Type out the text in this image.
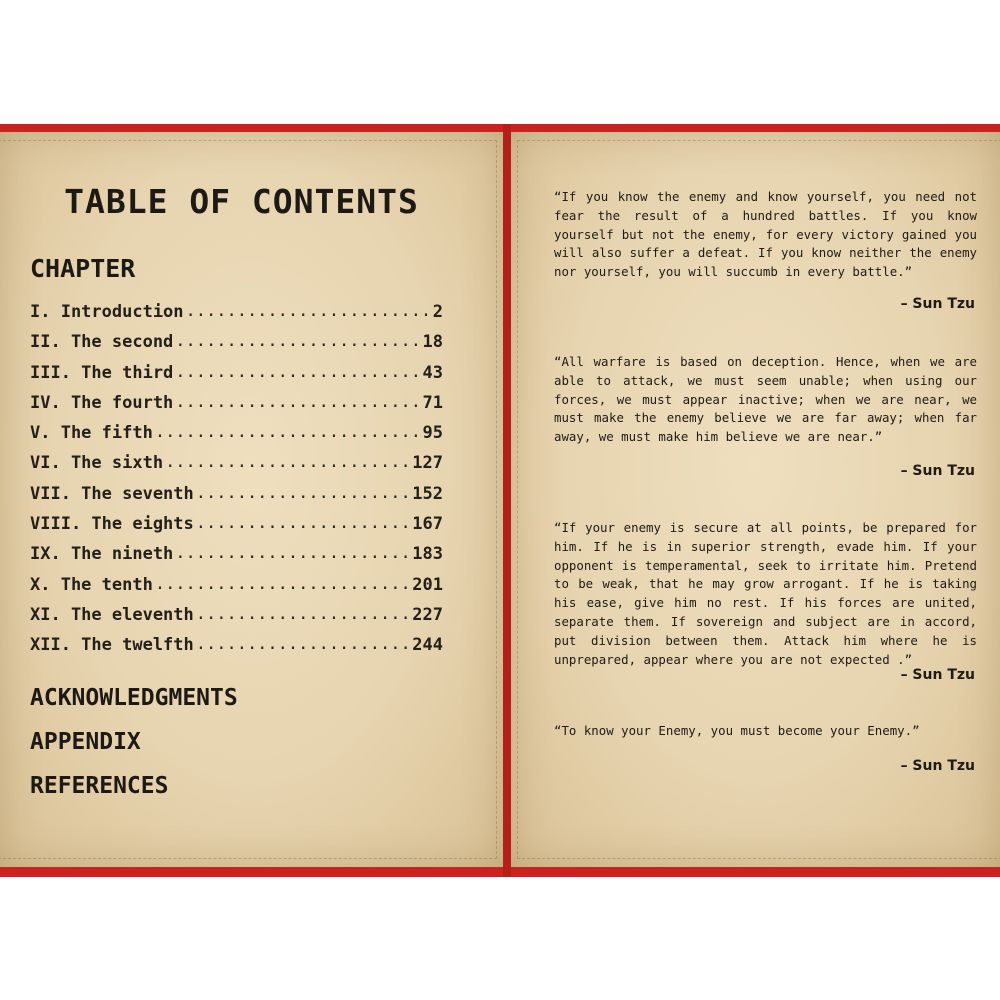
TABLE OF CONTENTS
CHAPTER
I. Introduction .....	2
II. The second .....	18
III. The third .....	43
IV. The fourth .....	71
V. The fifth .....	95
VI. The sixth .....	127
VII. The seventh .....	152
VIII. The eights .....	167
IX. The nineth .....	183
X. The tenth .....	201
XI. The eleventh .....	227
XII. The twelfth .....	244
ACKNOWLEDGMENTS
APPENDIX
REFERENCES

“If you know the enemy and know yourself, you need not fear the result of a hundred battles. If you know yourself but not the enemy, for every victory gained you will also suffer a defeat. If you know neither the enemy nor yourself, you will succumb in every battle.”

– Sun Tzu

“All warfare is based on deception. Hence, when we are able to attack, we must seem unable; when using our forces, we must appear inactive; when we are near, we must make the enemy believe we are far away; when far away, we must make him believe we are near.”

– Sun Tzu

“If your enemy is secure at all points, be prepared for him. If he is in superior strength, evade him. If your opponent is temperamental, seek to irritate him. Pretend to be weak, that he may grow arrogant. If he is taking his ease, give him no rest. If his forces are united, separate them. If sovereign and subject are in accord, put division between them. Attack him where he is unprepared, appear where you are not expected .”

– Sun Tzu

“To know your Enemy, you must become your Enemy.”

– Sun Tzu
